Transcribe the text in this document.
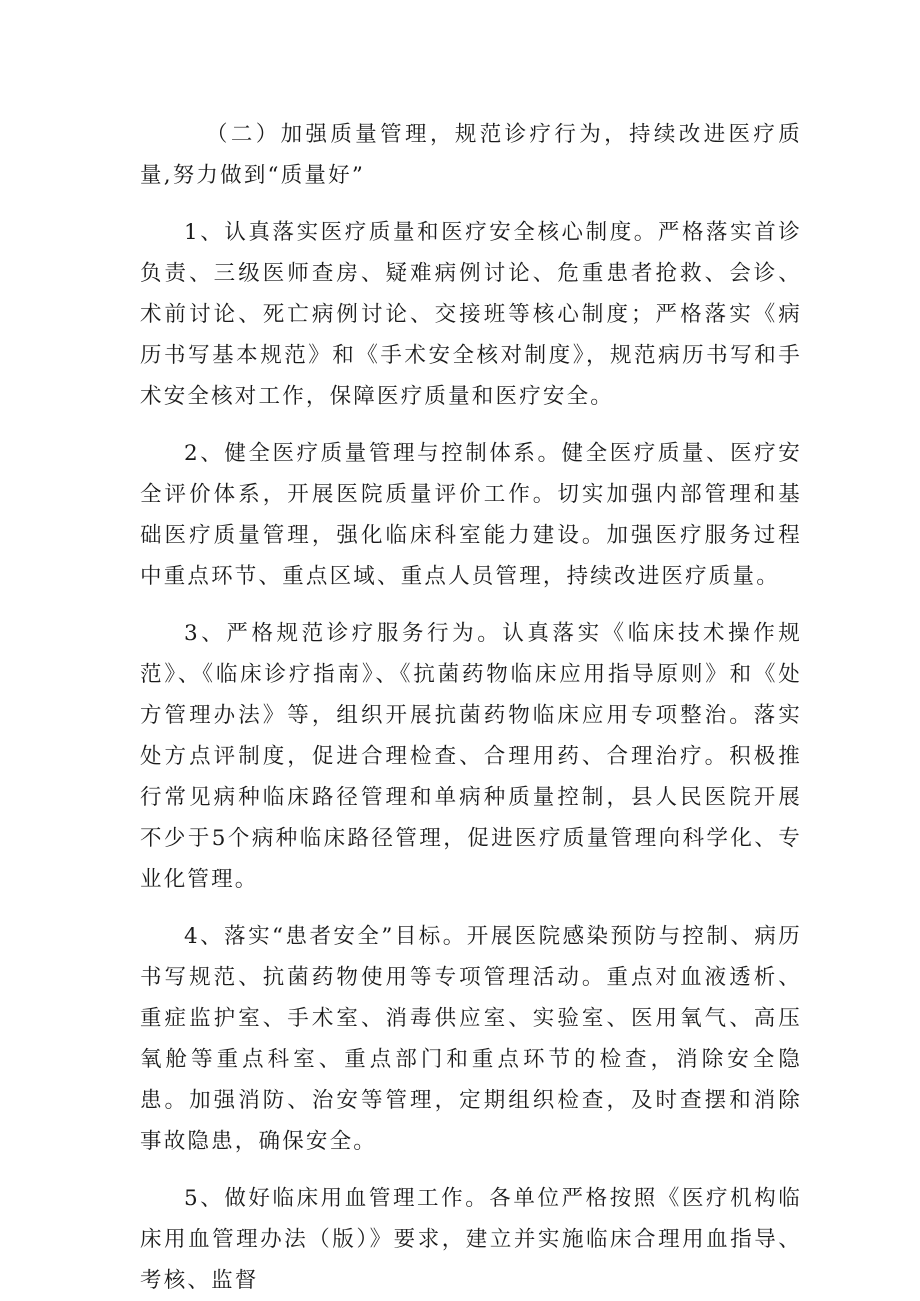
（二）加强质量管理，规范诊疗行为，持续改进医疗质量,努力做到“质量好”

1、认真落实医疗质量和医疗安全核心制度。严格落实首诊负责、三级医师查房、疑难病例讨论、危重患者抢救、会诊、术前讨论、死亡病例讨论、交接班等核心制度；严格落实《病历书写基本规范》和《手术安全核对制度》，规范病历书写和手术安全核对工作，保障医疗质量和医疗安全。

2、健全医疗质量管理与控制体系。健全医疗质量、医疗安全评价体系，开展医院质量评价工作。切实加强内部管理和基础医疗质量管理，强化临床科室能力建设。加强医疗服务过程中重点环节、重点区域、重点人员管理，持续改进医疗质量。

3、严格规范诊疗服务行为。认真落实《临床技术操作规范》、《临床诊疗指南》、《抗菌药物临床应用指导原则》和《处方管理办法》等，组织开展抗菌药物临床应用专项整治。落实处方点评制度，促进合理检查、合理用药、合理治疗。积极推行常见病种临床路径管理和单病种质量控制，县人民医院开展不少于5个病种临床路径管理，促进医疗质量管理向科学化、专业化管理。

4、落实“患者安全”目标。开展医院感染预防与控制、病历书写规范、抗菌药物使用等专项管理活动。重点对血液透析、重症监护室、手术室、消毒供应室、实验室、医用氧气、高压氧舱等重点科室、重点部门和重点环节的检查，消除安全隐患。加强消防、治安等管理，定期组织检查，及时查摆和消除事故隐患，确保安全。

5、做好临床用血管理工作。各单位严格按照《医疗机构临床用血管理办法（版）》要求，建立并实施临床合理用血指导、考核、监督
